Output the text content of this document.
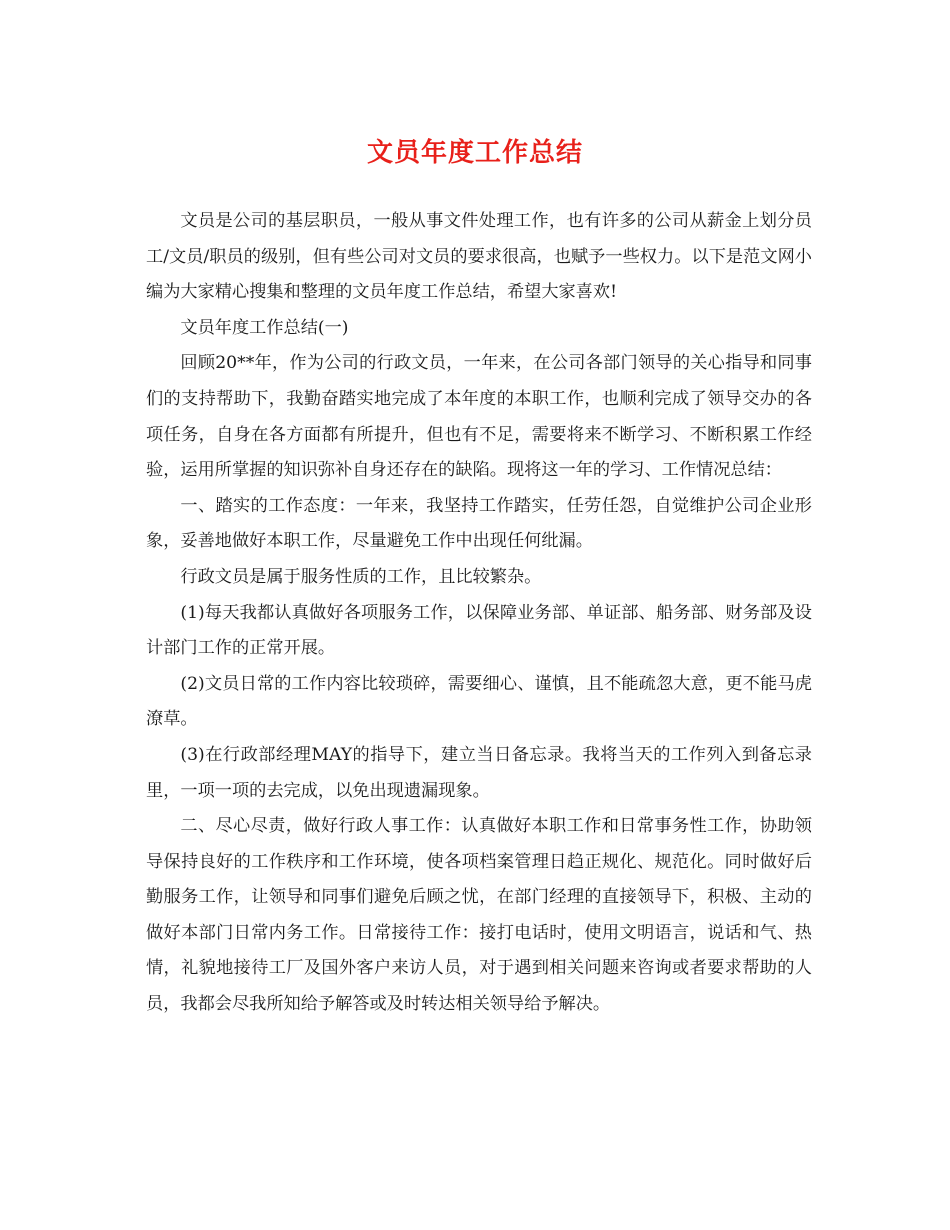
文员年度工作总结

文员是公司的基层职员，一般从事文件处理工作，也有许多的公司从薪金上划分员工/文员/职员的级别，但有些公司对文员的要求很高，也赋予一些权力。以下是范文网小编为大家精心搜集和整理的文员年度工作总结，希望大家喜欢!

文员年度工作总结(一)

回顾20**年，作为公司的行政文员，一年来，在公司各部门领导的关心指导和同事们的支持帮助下，我勤奋踏实地完成了本年度的本职工作，也顺利完成了领导交办的各项任务，自身在各方面都有所提升，但也有不足，需要将来不断学习、不断积累工作经验，运用所掌握的知识弥补自身还存在的缺陷。现将这一年的学习、工作情况总结：

一、踏实的工作态度：一年来，我坚持工作踏实，任劳任怨，自觉维护公司企业形象，妥善地做好本职工作，尽量避免工作中出现任何纰漏。

行政文员是属于服务性质的工作，且比较繁杂。

(1)每天我都认真做好各项服务工作，以保障业务部、单证部、船务部、财务部及设计部门工作的正常开展。

(2)文员日常的工作内容比较琐碎，需要细心、谨慎，且不能疏忽大意，更不能马虎潦草。

(3)在行政部经理MAY的指导下，建立当日备忘录。我将当天的工作列入到备忘录里，一项一项的去完成，以免出现遗漏现象。

二、尽心尽责，做好行政人事工作：认真做好本职工作和日常事务性工作，协助领导保持良好的工作秩序和工作环境，使各项档案管理日趋正规化、规范化。同时做好后勤服务工作，让领导和同事们避免后顾之忧，在部门经理的直接领导下，积极、主动的做好本部门日常内务工作。日常接待工作：接打电话时，使用文明语言，说话和气、热情，礼貌地接待工厂及国外客户来访人员，对于遇到相关问题来咨询或者要求帮助的人员，我都会尽我所知给予解答或及时转达相关领导给予解决。
